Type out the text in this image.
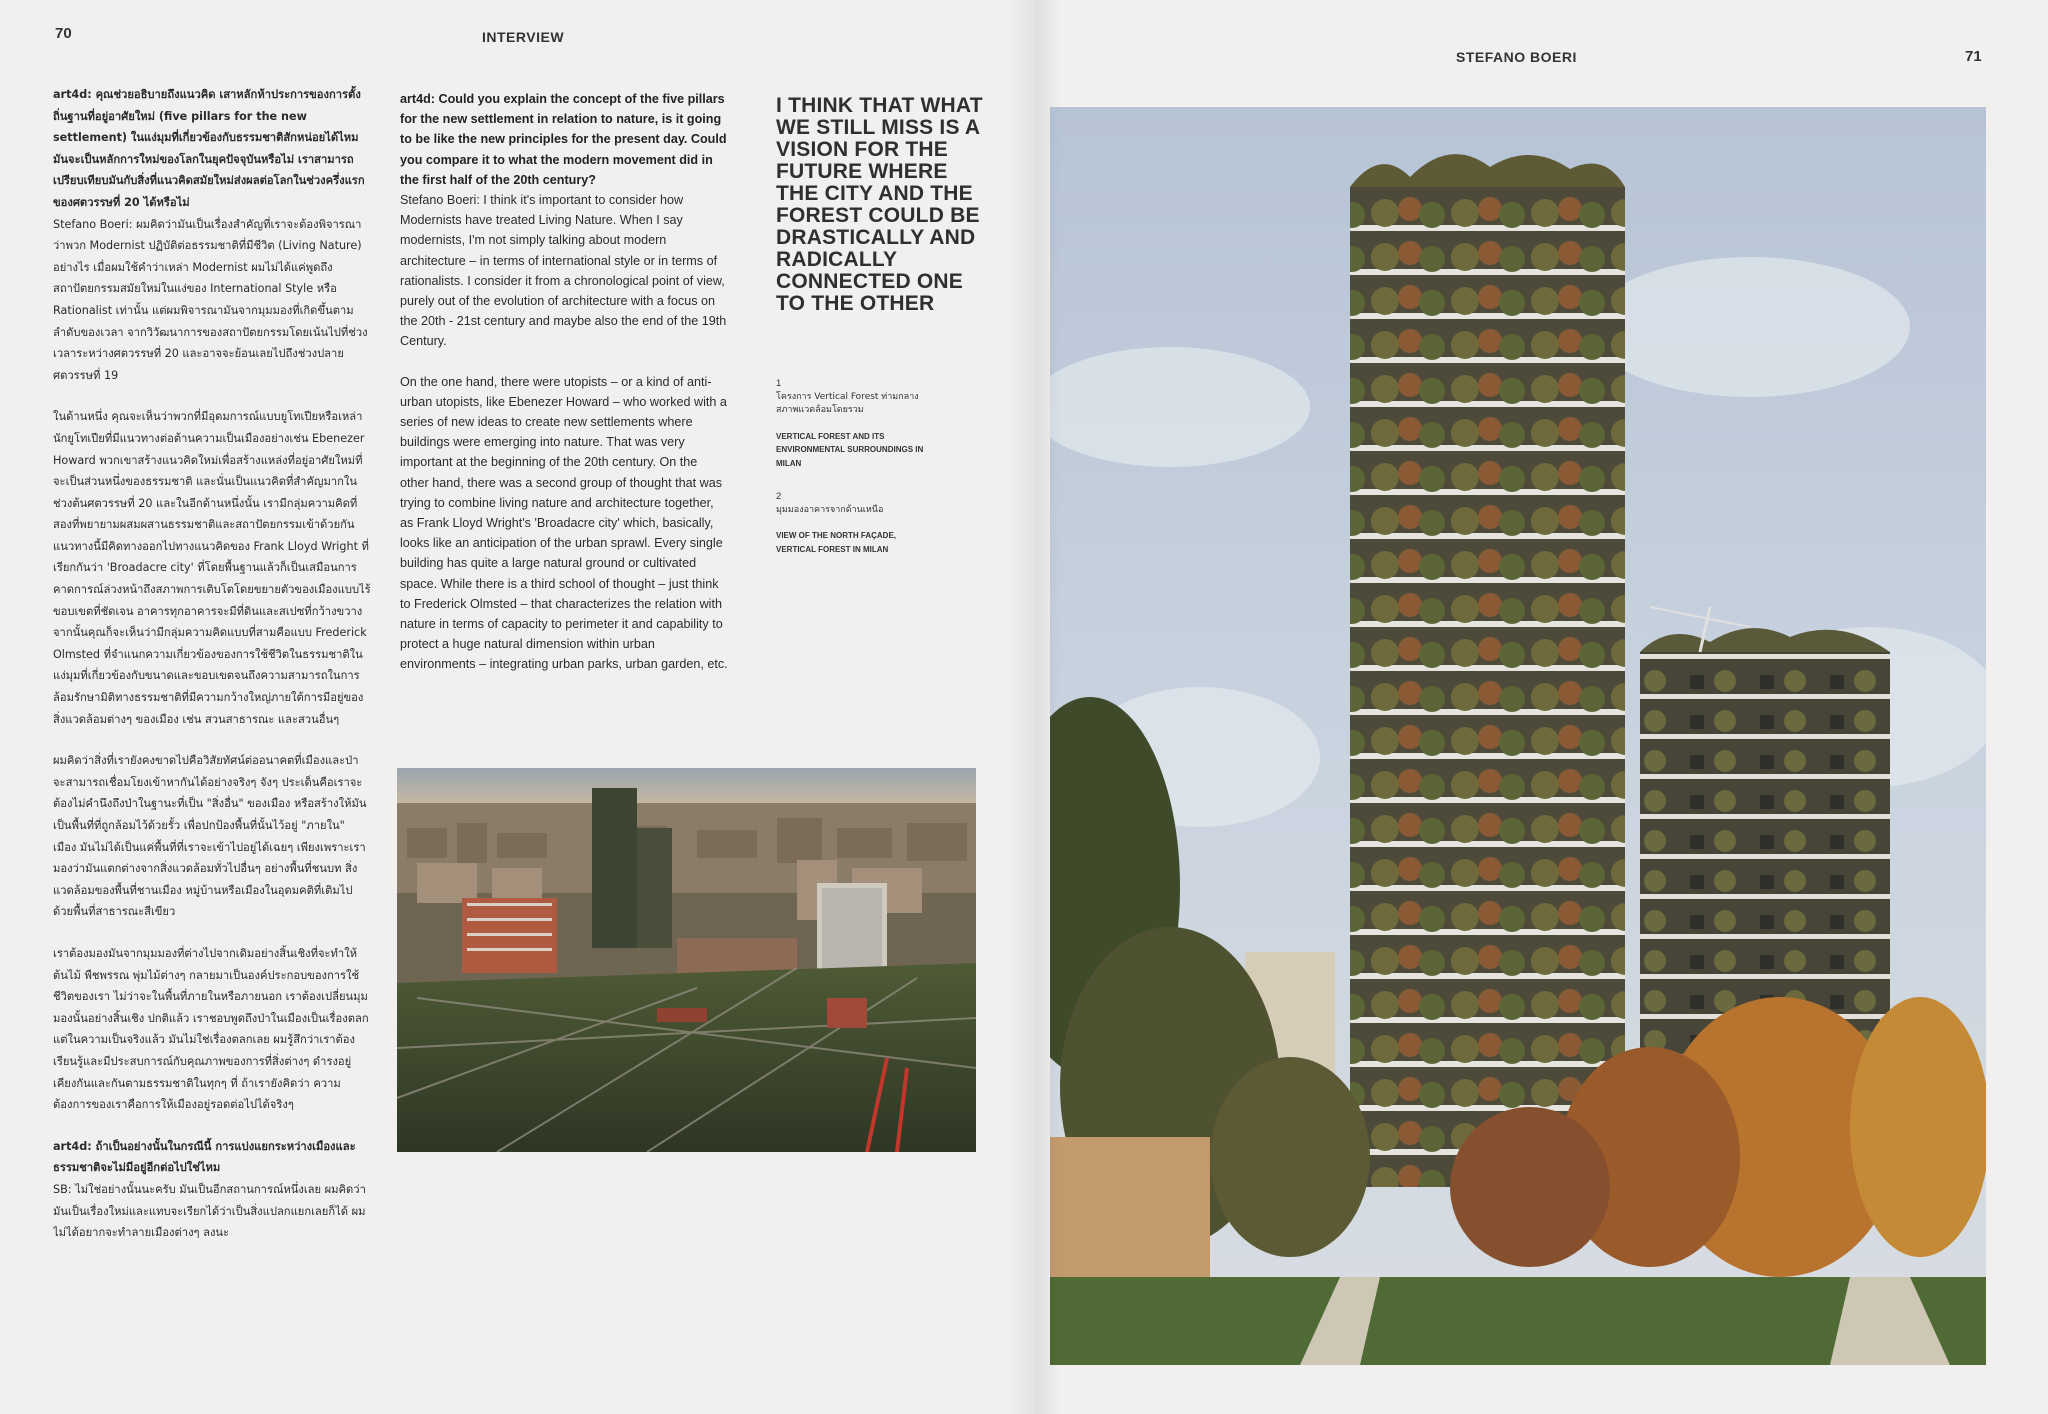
70	INTERVIEW
STEFANO BOERI	71

art4d: คุณช่วยอธิบายถึงแนวคิด เสาหลักห้าประการของการตั้งถิ่นฐานที่อยู่อาศัยใหม่ (five pillars for the new settlement) ในแง่มุมที่เกี่ยวข้องกับธรรมชาติสักหน่อยได้ไหม มันจะเป็นหลักการใหม่ของโลกในยุคปัจจุบันหรือไม่ เราสามารถเปรียบเทียบมันกับสิ่งที่แนวคิดสมัยใหม่ส่งผลต่อโลกในช่วงครึ่งแรกของศตวรรษที่ 20 ได้หรือไม่
Stefano Boeri: ผมคิดว่ามันเป็นเรื่องสำคัญที่เราจะต้องพิจารณาว่าพวก Modernist ปฏิบัติต่อธรรมชาติที่มีชีวิต (Living Nature) อย่างไร เมื่อผมใช้คำว่าเหล่า Modernist ผมไม่ได้แค่พูดถึงสถาปัตยกรรมสมัยใหม่ในแง่ของ International Style หรือ Rationalist เท่านั้น แต่ผมพิจารณามันจากมุมมองที่เกิดขึ้นตามลำดับของเวลา จากวิวัฒนาการของสถาปัตยกรรมโดยเน้นไปที่ช่วงเวลาระหว่างศตวรรษที่ 20 และอาจจะย้อนเลยไปถึงช่วงปลายศตวรรษที่ 19

ในด้านหนึ่ง คุณจะเห็นว่าพวกที่มีอุดมการณ์แบบยูโทเปียหรือเหล่านักยูโทเปียที่มีแนวทางต่อต้านความเป็นเมืองอย่างเช่น Ebenezer Howard พวกเขาสร้างแนวคิดใหม่เพื่อสร้างแหล่งที่อยู่อาศัยใหม่ที่จะเป็นส่วนหนึ่งของธรรมชาติ และนั่นเป็นแนวคิดที่สำคัญมากในช่วงต้นศตวรรษที่ 20 และในอีกด้านหนึ่งนั้น เรามีกลุ่มความคิดที่สองที่พยายามผสมผสานธรรมชาติและสถาปัตยกรรมเข้าด้วยกัน แนวทางนี้มีคิดทางออกไปทางแนวคิดของ Frank Lloyd Wright ที่เรียกกันว่า 'Broadacre city' ที่โดยพื้นฐานแล้วก็เป็นเสมือนการคาดการณ์ล่วงหน้าถึงสภาพการเติบโตโดยขยายตัวของเมืองแบบไร้ขอบเขตที่ชัดเจน อาคารทุกอาคารจะมีที่ดินและสเปซที่กว้างขวาง จากนั้นคุณก็จะเห็นว่ามีกลุ่มความคิดแบบที่สามคือแบบ Frederick Olmsted ที่จำแนกความเกี่ยวข้องของการใช้ชีวิตในธรรมชาติในแง่มุมที่เกี่ยวข้องกับขนาดและขอบเขตจนถึงความสามารถในการล้อมรักษามิติทางธรรมชาติที่มีความกว้างใหญ่ภายใต้การมีอยู่ของสิ่งแวดล้อมต่างๆ ของเมือง เช่น สวนสาธารณะ และสวนอื่นๆ

ผมคิดว่าสิ่งที่เรายังคงขาดไปคือวิสัยทัศน์ต่ออนาคตที่เมืองและป่าจะสามารถเชื่อมโยงเข้าหากันได้อย่างจริงๆ จังๆ ประเด็นคือเราจะต้องไม่คำนึงถึงป่าในฐานะที่เป็น "สิ่งอื่น" ของเมือง หรือสร้างให้มันเป็นพื้นที่ที่ถูกล้อมไว้ด้วยรั้ว เพื่อปกป้องพื้นที่นั้นไว้อยู่ "ภายใน" เมือง มันไม่ได้เป็นแค่พื้นที่ที่เราจะเข้าไปอยู่ได้เฉยๆ เพียงเพราะเรามองว่ามันแตกต่างจากสิ่งแวดล้อมทั่วไปอื่นๆ อย่างพื้นที่ชนบท สิ่งแวดล้อมของพื้นที่ชานเมือง หมู่บ้านหรือเมืองในอุดมคติที่เติมไปด้วยพื้นที่สาธารณะสีเขียว

เราต้องมองมันจากมุมมองที่ต่างไปจากเดิมอย่างสิ้นเชิงที่จะทำให้ต้นไม้ พืชพรรณ พุ่มไม้ต่างๆ กลายมาเป็นองค์ประกอบของการใช้ชีวิตของเรา ไม่ว่าจะในพื้นที่ภายในหรือภายนอก เราต้องเปลี่ยนมุมมองนั้นอย่างสิ้นเชิง ปกติแล้ว เราชอบพูดถึงป่าในเมืองเป็นเรื่องตลก แต่ในความเป็นจริงแล้ว มันไม่ใช่เรื่องตลกเลย ผมรู้สึกว่าเราต้องเรียนรู้และมีประสบการณ์กับคุณภาพของการที่สิ่งต่างๆ ดำรงอยู่เคียงกันและกันตามธรรมชาติในทุกๆ ที่ ถ้าเรายังคิดว่า ความต้องการของเราคือการให้เมืองอยู่รอดต่อไปได้จริงๆ

art4d: ถ้าเป็นอย่างนั้นในกรณีนี้ การแบ่งแยกระหว่างเมืองและธรรมชาติจะไม่มีอยู่อีกต่อไปใช่ไหม
SB: ไม่ใช่อย่างนั้นนะครับ มันเป็นอีกสถานการณ์หนึ่งเลย ผมคิดว่ามันเป็นเรื่องใหม่และแทบจะเรียกได้ว่าเป็นสิ่งแปลกแยกเลยก็ได้ ผมไม่ได้อยากจะทำลายเมืองต่างๆ ลงนะ

art4d: Could you explain the concept of the five pillars for the new settlement in relation to nature, is it going to be like the new principles for the present day. Could you compare it to what the modern movement did in the first half of the 20th century?
Stefano Boeri: I think it's important to consider how Modernists have treated Living Nature. When I say modernists, I'm not simply talking about modern architecture – in terms of international style or in terms of rationalists. I consider it from a chronological point of view, purely out of the evolution of architecture with a focus on the 20th - 21st century and maybe also the end of the 19th Century.

On the one hand, there were utopists – or a kind of anti-urban utopists, like Ebenezer Howard – who worked with a series of new ideas to create new settlements where buildings were emerging into nature. That was very important at the beginning of the 20th century. On the other hand, there was a second group of thought that was trying to combine living nature and architecture together, as Frank Lloyd Wright's 'Broadacre city' which, basically, looks like an anticipation of the urban sprawl. Every single building has quite a large natural ground or cultivated space. While there is a third school of thought – just think to Frederick Olmsted – that characterizes the relation with nature in terms of capacity to perimeter it and capability to protect a huge natural dimension within urban environments – integrating urban parks, urban garden, etc.

I THINK THAT WHAT WE STILL MISS IS A VISION FOR THE FUTURE WHERE THE CITY AND THE FOREST COULD BE DRASTICALLY AND RADICALLY CONNECTED ONE TO THE OTHER
1
โครงการ Vertical Forest ท่ามกลางสภาพแวดล้อมโดยรวม
VERTICAL FOREST AND ITS ENVIRONMENTAL SURROUNDINGS IN MILAN
2
มุมมองอาคารจากด้านเหนือ
VIEW OF THE NORTH FAÇADE, VERTICAL FOREST IN MILAN
